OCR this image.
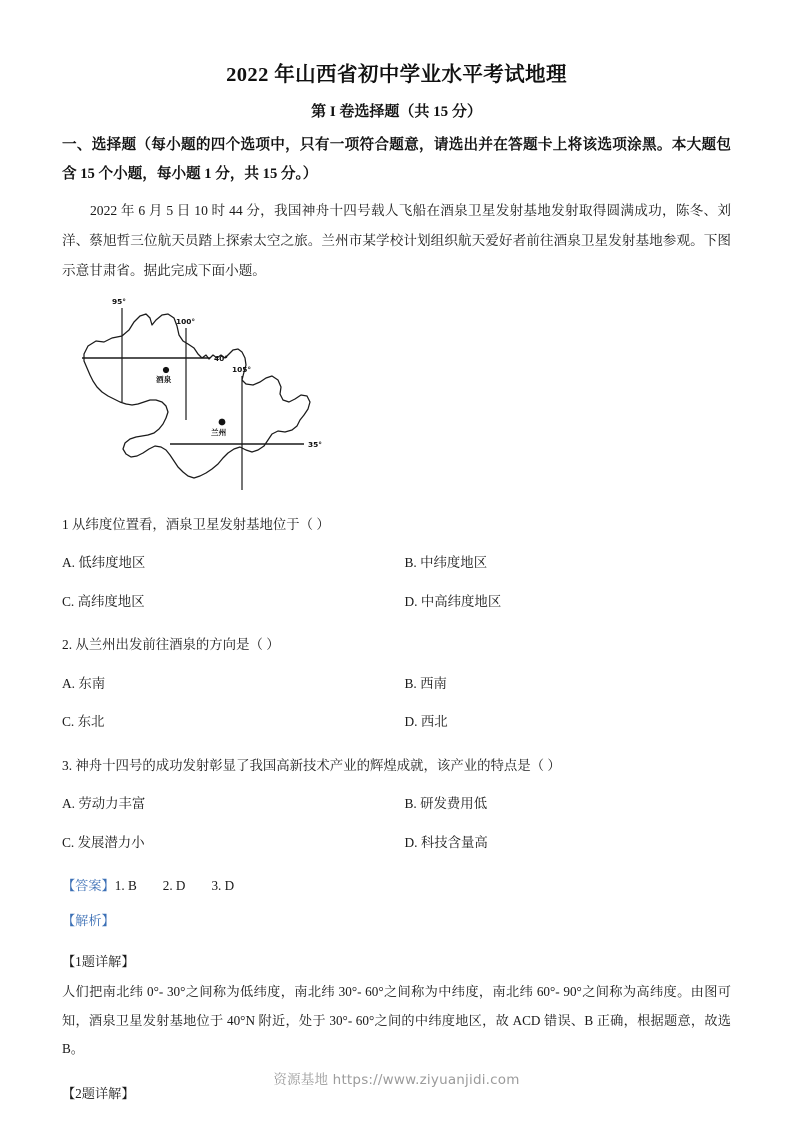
2022 年山西省初中学业水平考试地理
第 I 卷选择题（共 15 分）

一、选择题（每小题的四个选项中，只有一项符合题意，请选出并在答题卡上将该选项涂黑。本大题包含 15 个小题，每小题 1 分，共 15 分。）

2022 年 6 月 5 日 10 时 44 分，我国神舟十四号载人飞船在酒泉卫星发射基地发射取得圆满成功，陈冬、刘洋、蔡旭哲三位航天员踏上探索太空之旅。兰州市某学校计划组织航天爱好者前往酒泉卫星发射基地参观。下图示意甘肃省。据此完成下面小题。

95°
100°
105°
40°
35°
酒泉
兰州

1 从纬度位置看，酒泉卫星发射基地位于（ ）

A. 低纬度地区	B. 中纬度地区
C. 高纬度地区	D. 中高纬度地区

2. 从兰州出发前往酒泉的方向是（ ）

A. 东南	B. 西南
C. 东北	D. 西北

3. 神舟十四号的成功发射彰显了我国高新技术产业的辉煌成就，该产业的特点是（ ）

A. 劳动力丰富	B. 研发费用低
C. 发展潜力小	D. 科技含量高
【答案】1. B 2. D 3. D
【解析】
【1题详解】
人们把南北纬 0°- 30°之间称为低纬度，南北纬 30°- 60°之间称为中纬度，南北纬 60°- 90°之间称为高纬度。由图可知，酒泉卫星发射基地位于 40°N 附近，处于 30°- 60°之间的中纬度地区，故 ACD 错误、B 正确，根据题意，故选 B。
【2题详解】
资源基地 https://www.ziyuanjidi.com
